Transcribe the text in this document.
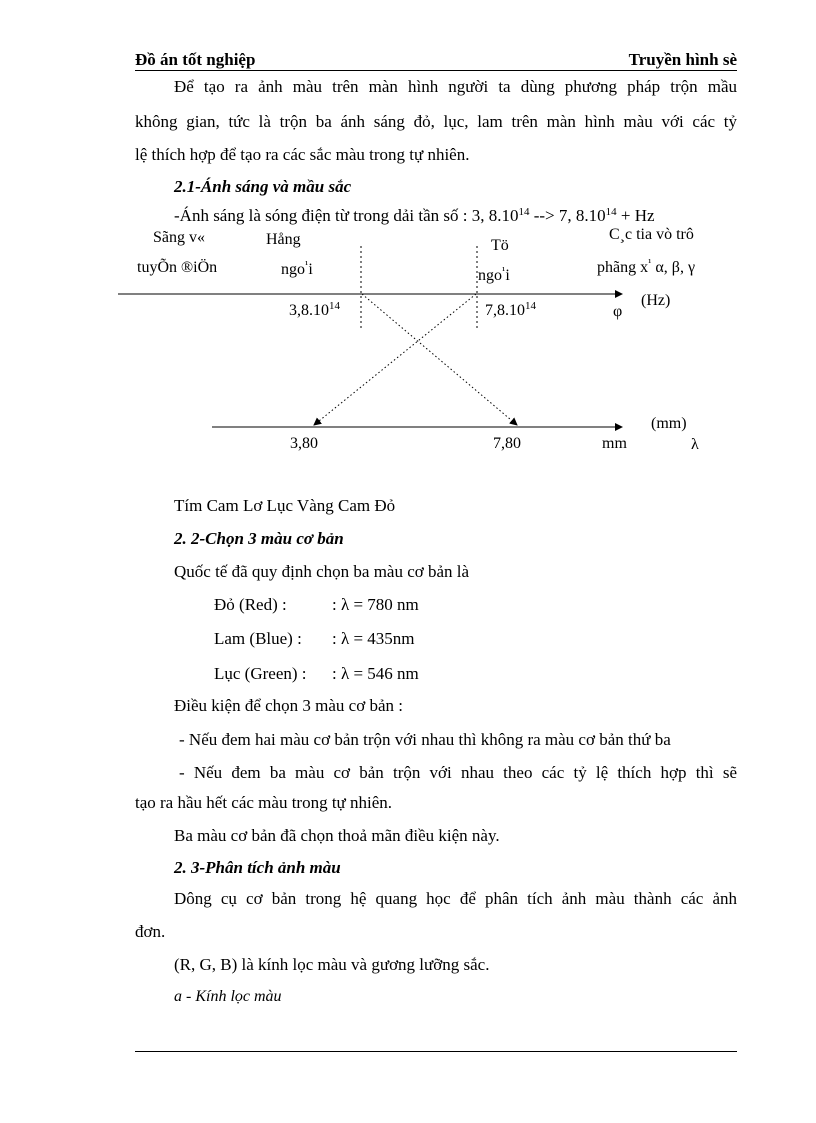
Đồ án tốt nghiệp	Truyền hình sè
Để tạo ra ảnh màu trên màn hình người ta dùng phương pháp trộn mầu
không gian, tức là trộn ba ánh sáng đỏ, lục, lam trên màn hình màu với các tỷ
lệ thích hợp để tạo ra các sắc màu trong tự nhiên.
2.1-Ánh sáng và mầu sắc
-Ánh sáng là sóng điện từ trong dải tần số : 3, 8.10$^{14}$ --> 7, $8.10^{14} + Hz$
Sãng v«
tuyÕn ®iÖn
Hång
ngo$^{^1}$i
Tö
ngo$^{^1}$i
C¸c tia vò trô
phãng $x^{^1}$ α, β, γ
3,8.10$^{14}$	7,8.10$^{14}$	(Hz)
φ
(mm)
3,80	7,80	mm	λ
Tím Cam Lơ Lục Vàng Cam Đỏ
2. 2-Chọn 3 màu cơ bản
Quốc tế đã quy định chọn ba màu cơ bản là
Đỏ (Red) :	: λ = 780 nm
Lam (Blue) : : λ = 435nm
Lục (Green) : : λ = 546 nm
Điều kiện để chọn 3 màu cơ bản :
- Nếu đem hai màu cơ bản trộn với nhau thì không ra màu cơ bản thứ ba
- Nếu đem ba màu cơ bản trộn với nhau theo các tỷ lệ thích hợp thì sẽ
tạo ra hầu hết các màu trong tự nhiên.
Ba màu cơ bản đã chọn thoả mãn điều kiện này.
2. 3-Phân tích ảnh màu
Dông cụ cơ bản trong hệ quang học để phân tích ảnh màu thành các ảnh
đơn.
(R, G, B) là kính lọc màu và gương lưỡng sắc.
a - Kính lọc màu
